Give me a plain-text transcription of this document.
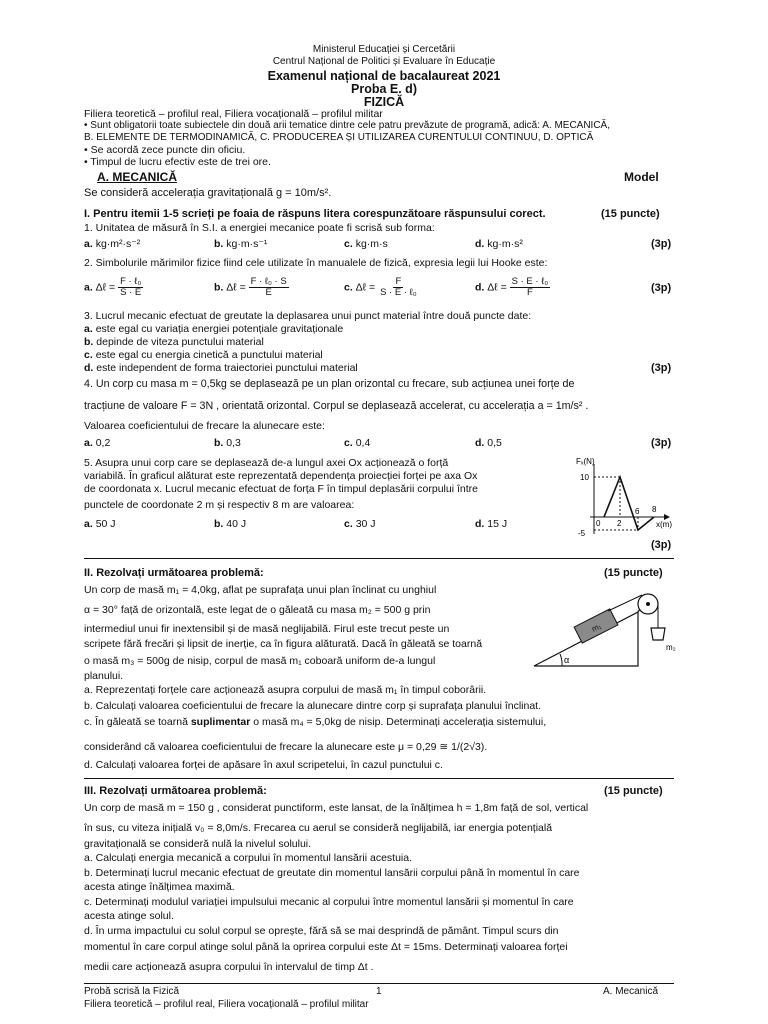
Ministerul Educației și Cercetării
Centrul Național de Politici și Evaluare în Educație
Examenul național de bacalaureat 2021
Proba E. d)
FIZICĂ
Filiera teoretică – profilul real, Filiera vocațională – profilul militar
• Sunt obligatorii toate subiectele din două arii tematice dintre cele patru prevăzute de programă, adică: A. MECANICĂ,
B. ELEMENTE DE TERMODINAMICĂ, C. PRODUCEREA ȘI UTILIZAREA CURENTULUI CONTINUU, D. OPTICĂ
• Se acordă zece puncte din oficiu.
• Timpul de lucru efectiv este de trei ore.
A. MECANICĂ	Model
Se consideră accelerația gravitațională g = 10m/s².
I. Pentru itemii 1-5 scrieți pe foaia de răspuns litera corespunzătoare răspunsului corect.	(15 puncte)
1. Unitatea de măsură în S.I. a energiei mecanice poate fi scrisă sub forma:
a. kg·m²·s⁻²	b. kg·m·s⁻¹	c. kg·m·s	d. kg·m·s²	(3p)
2. Simbolurile mărimilor fizice fiind cele utilizate în manualele de fizică, expresia legii lui Hooke este:
a. Δℓ = $\frac{\text{F · ℓ₀}}{S \cdot E}$	b. Δℓ = $\frac{\text{F · ℓ₀ · S}}{E}$	c. Δℓ = $\frac{F}{\text{S · E · ℓ₀}}$	d. Δℓ = $\frac{\text{S · E · ℓ₀}}{F}$	(3p)
3. Lucrul mecanic efectuat de greutate la deplasarea unui punct material între două puncte date:
a. este egal cu variația energiei potențiale gravitaționale
b. depinde de viteza punctului material
c. este egal cu energia cinetică a punctului material
d. este independent de forma traiectoriei punctului material	(3p)
4. Un corp cu masa m = 0,5kg se deplasează pe un plan orizontal cu frecare, sub acțiunea unei forțe de
tracțiune de valoare F = 3N , orientată orizontal. Corpul se deplasează accelerat, cu accelerația a = 1m/s² .
Valoarea coeficientului de frecare la alunecare este:
a. 0,2	b. 0,3	c. 0,4	d. 0,5	(3p)
5. Asupra unui corp care se deplasează de-a lungul axei Ox acționează o forță
variabilă. În graficul alăturat este reprezentată dependența proiecției forței pe axa Ox
de coordonata x. Lucrul mecanic efectuat de forța F în timpul deplasării corpului între
punctele de coordonate 2 m și respectiv 8 m are valoarea:
a. 50 J	b. 40 J	c. 30 J	d. 15 J
(3p)
Fₓ(N)
10
-5
0 2
6 8
x(m)
II. Rezolvați următoarea problemă:	(15 puncte)
Un corp de masă m₁ = 4,0kg, aflat pe suprafața unui plan înclinat cu unghiul
α = 30° față de orizontală, este legat de o găleată cu masa m₂ = 500 g prin
intermediul unui fir inextensibil și de masă neglijabilă. Firul este trecut peste un
scripete fără frecări și lipsit de inerție, ca în figura alăturată. Dacă în găleată se toarnă
o masă m₃ = 500g de nisip, corpul de masă m₁ coboară uniform de-a lungul
planului.
a. Reprezentați forțele care acționează asupra corpului de masă m₁ în timpul coborârii.
b. Calculați valoarea coeficientului de frecare la alunecare dintre corp și suprafața planului înclinat.
c. În găleată se toarnă suplimentar o masă m₄ = 5,0kg de nisip. Determinați accelerația sistemului,
considerând că valoarea coeficientului de frecare la alunecare este μ = 0,29 ≅ 1/(2√3).
d. Calculați valoarea forței de apăsare în axul scripetelui, în cazul punctului c.
α
m₁
m₂
III. Rezolvați următoarea problemă:	(15 puncte)
Un corp de masă m = 150 g , considerat punctiform, este lansat, de la înălțimea h = 1,8m față de sol, vertical
în sus, cu viteza inițială v₀ = 8,0m/s. Frecarea cu aerul se consideră neglijabilă, iar energia potențială
gravitațională se consideră nulă la nivelul solului.
a. Calculați energia mecanică a corpului în momentul lansării acestuia.
b. Determinați lucrul mecanic efectuat de greutate din momentul lansării corpului până în momentul în care
acesta atinge înălțimea maximă.
c. Determinați modulul variației impulsului mecanic al corpului între momentul lansării și momentul în care
acesta atinge solul.
d. În urma impactului cu solul corpul se oprește, fără să se mai desprindă de pământ. Timpul scurs din
momentul în care corpul atinge solul până la oprirea corpului este Δt = 15ms. Determinați valoarea forței
medii care acționează asupra corpului în intervalul de timp Δt .
Probă scrisă la Fizică	1	A. Mecanică
Filiera teoretică – profilul real, Filiera vocațională – profilul militar
